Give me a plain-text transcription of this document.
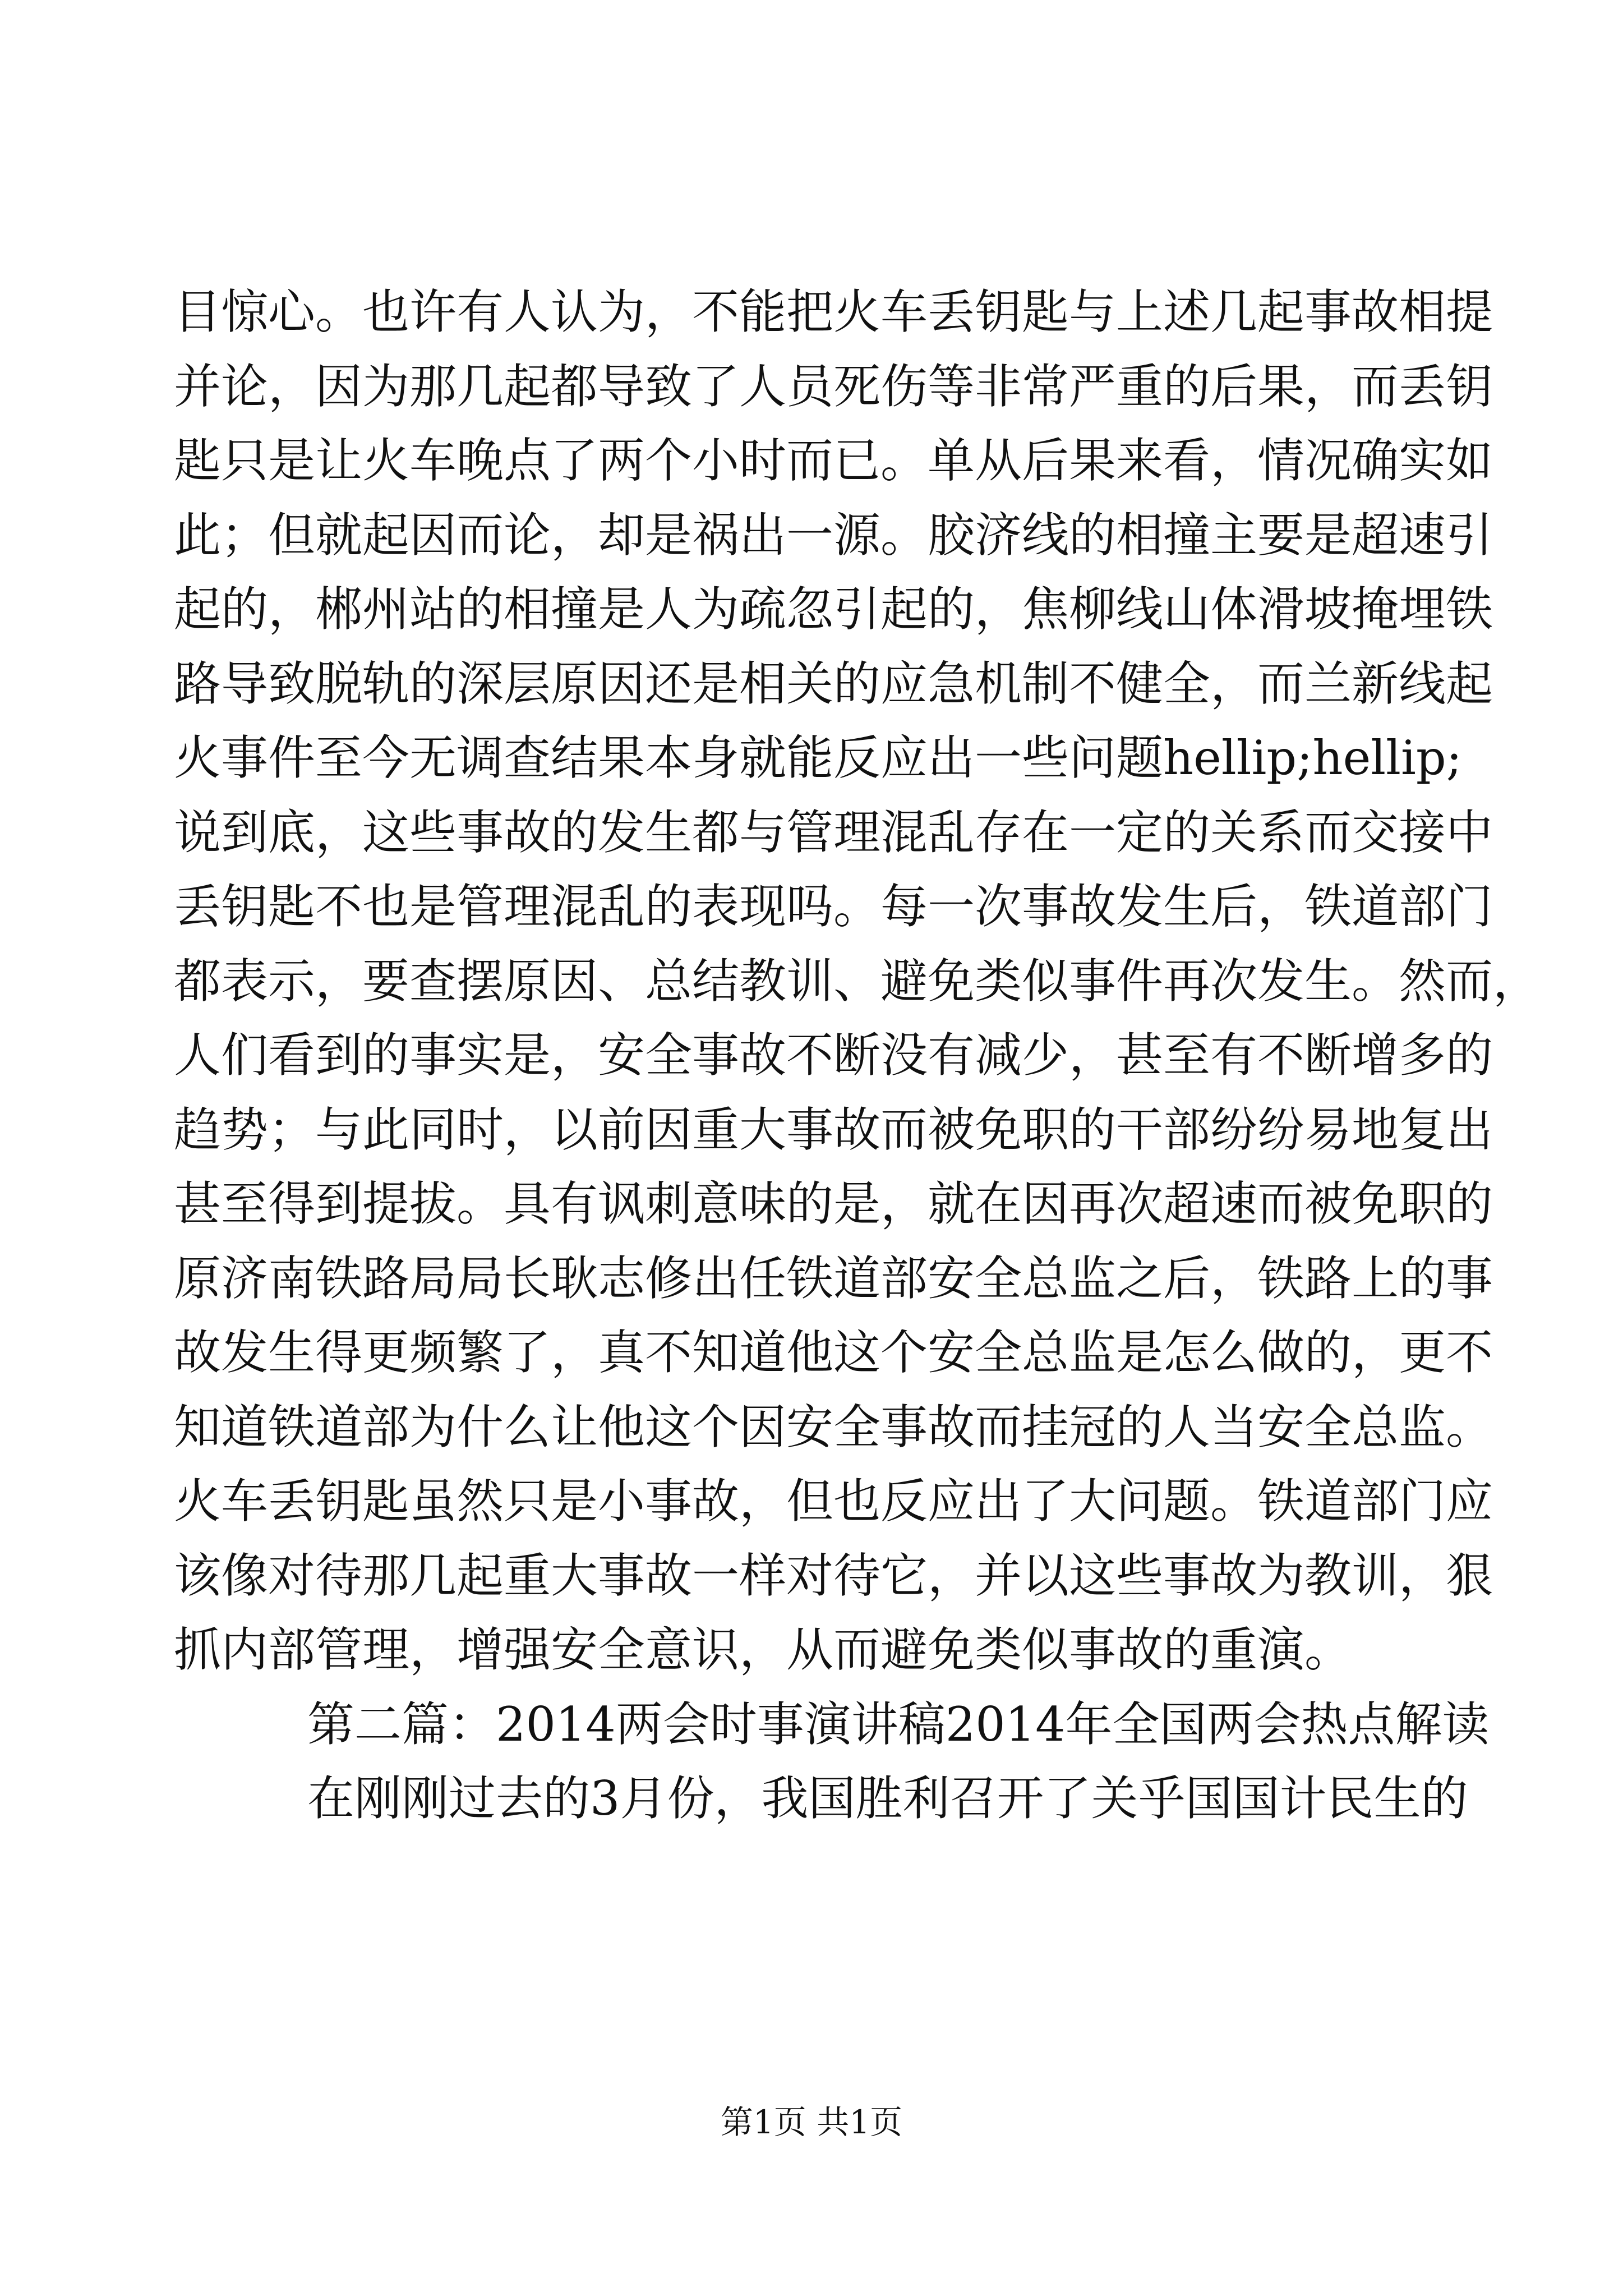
目惊心。也许有人认为，不能把火车丢钥匙与上述几起事故相提
并论，因为那几起都导致了人员死伤等非常严重的后果，而丢钥
匙只是让火车晚点了两个小时而已。单从后果来看，情况确实如
此；但就起因而论，却是祸出一源。胶济线的相撞主要是超速引
起的，郴州站的相撞是人为疏忽引起的，焦柳线山体滑坡掩埋铁
路导致脱轨的深层原因还是相关的应急机制不健全，而兰新线起
火事件至今无调查结果本身就能反应出一些问题hellip;hellip;
说到底，这些事故的发生都与管理混乱存在一定的关系而交接中
丢钥匙不也是管理混乱的表现吗。每一次事故发生后，铁道部门
都表示，要查摆原因、总结教训、避免类似事件再次发生。然而，
人们看到的事实是，安全事故不断没有减少，甚至有不断增多的
趋势；与此同时，以前因重大事故而被免职的干部纷纷易地复出
甚至得到提拔。具有讽刺意味的是，就在因再次超速而被免职的
原济南铁路局局长耿志修出任铁道部安全总监之后，铁路上的事
故发生得更频繁了，真不知道他这个安全总监是怎么做的，更不
知道铁道部为什么让他这个因安全事故而挂冠的人当安全总监。
火车丢钥匙虽然只是小事故，但也反应出了大问题。铁道部门应
该像对待那几起重大事故一样对待它，并以这些事故为教训，狠
抓内部管理，增强安全意识，从而避免类似事故的重演。
第二篇：2014两会时事演讲稿2014年全国两会热点解读
在刚刚过去的3月份，我国胜利召开了关乎国国计民生的
第1页 共1页
